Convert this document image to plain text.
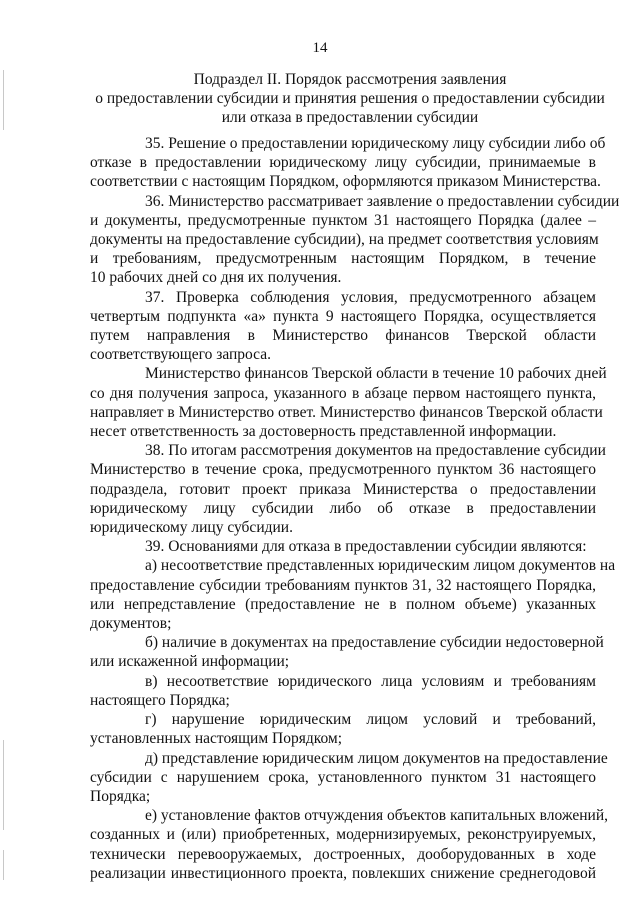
14
Подраздел II. Порядок рассмотрения заявления
о предоставлении субсидии и принятия решения о предоставлении субсидии
или отказа в предоставлении субсидии

35. Решение о предоставлении юридическому лицу субсидии либо об
отказе в предоставлении юридическому лицу субсидии, принимаемые в
соответствии с настоящим Порядком, оформляются приказом Министерства.

36. Министерство рассматривает заявление о предоставлении субсидии
и документы, предусмотренные пунктом 31 настоящего Порядка (далее –
документы на предоставление субсидии), на предмет соответствия условиям
и требованиям, предусмотренным настоящим Порядком, в течение
10 рабочих дней со дня их получения.

37. Проверка соблюдения условия, предусмотренного абзацем
четвертым подпункта «а» пункта 9 настоящего Порядка, осуществляется
путем направления в Министерство финансов Тверской области
соответствующего запроса.

Министерство финансов Тверской области в течение 10 рабочих дней
со дня получения запроса, указанного в абзаце первом настоящего пункта,
направляет в Министерство ответ. Министерство финансов Тверской области
несет ответственность за достоверность представленной информации.

38. По итогам рассмотрения документов на предоставление субсидии
Министерство в течение срока, предусмотренного пунктом 36 настоящего
подраздела, готовит проект приказа Министерства о предоставлении
юридическому лицу субсидии либо об отказе в предоставлении
юридическому лицу субсидии.

39. Основаниями для отказа в предоставлении субсидии являются:

а) несоответствие представленных юридическим лицом документов на
предоставление субсидии требованиям пунктов 31, 32 настоящего Порядка,
или непредставление (предоставление не в полном объеме) указанных
документов;

б) наличие в документах на предоставление субсидии недостоверной
или искаженной информации;

в) несоответствие юридического лица условиям и требованиям
настоящего Порядка;

г) нарушение юридическим лицом условий и требований,
установленных настоящим Порядком;

д) представление юридическим лицом документов на предоставление
субсидии с нарушением срока, установленного пунктом 31 настоящего
Порядка;

е) установление фактов отчуждения объектов капитальных вложений,
созданных и (или) приобретенных, модернизируемых, реконструируемых,
технически перевооружаемых, достроенных, дооборудованных в ходе
реализации инвестиционного проекта, повлекших снижение среднегодовой
